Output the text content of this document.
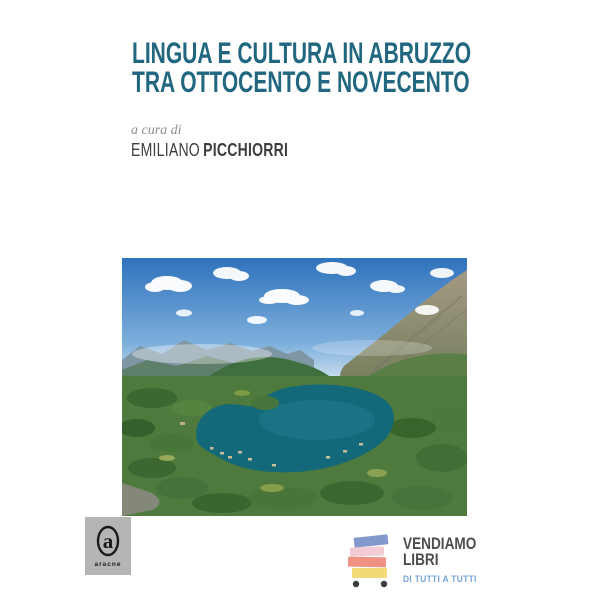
LINGUA E CULTURA IN ABRUZZO
TRA OTTOCENTO E NOVECENTO
a cura di
EMILIANO PICCHIORRI
a
aracne
VENDIAMO
LIBRI
DI TUTTI A TUTTI
